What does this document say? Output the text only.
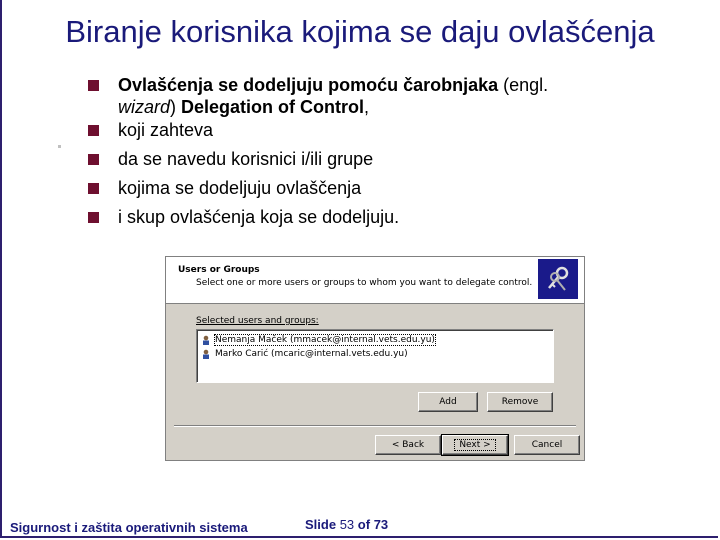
Biranje korisnika kojima se daju ovlašćenja
Ovlašćenja se dodeljuju pomoću čarobnjaka (engl.
wizard) Delegation of Control,
koji zahteva
da se navedu korisnici i/ili grupe
kojima se dodeljuju ovlaščenja
i skup ovlašćenja koja se dodeljuju.
Users or Groups
Select one or more users or groups to whom you want to delegate control.
Selected users and groups:
Nemanja Maček (mmacek@internal.vets.edu.yu)
Marko Carić (mcaric@internal.vets.edu.yu)
Add	Remove
< Back	Next >	Cancel
Sigurnost i zaštita operativnih sistema	Slide 53 of 73
